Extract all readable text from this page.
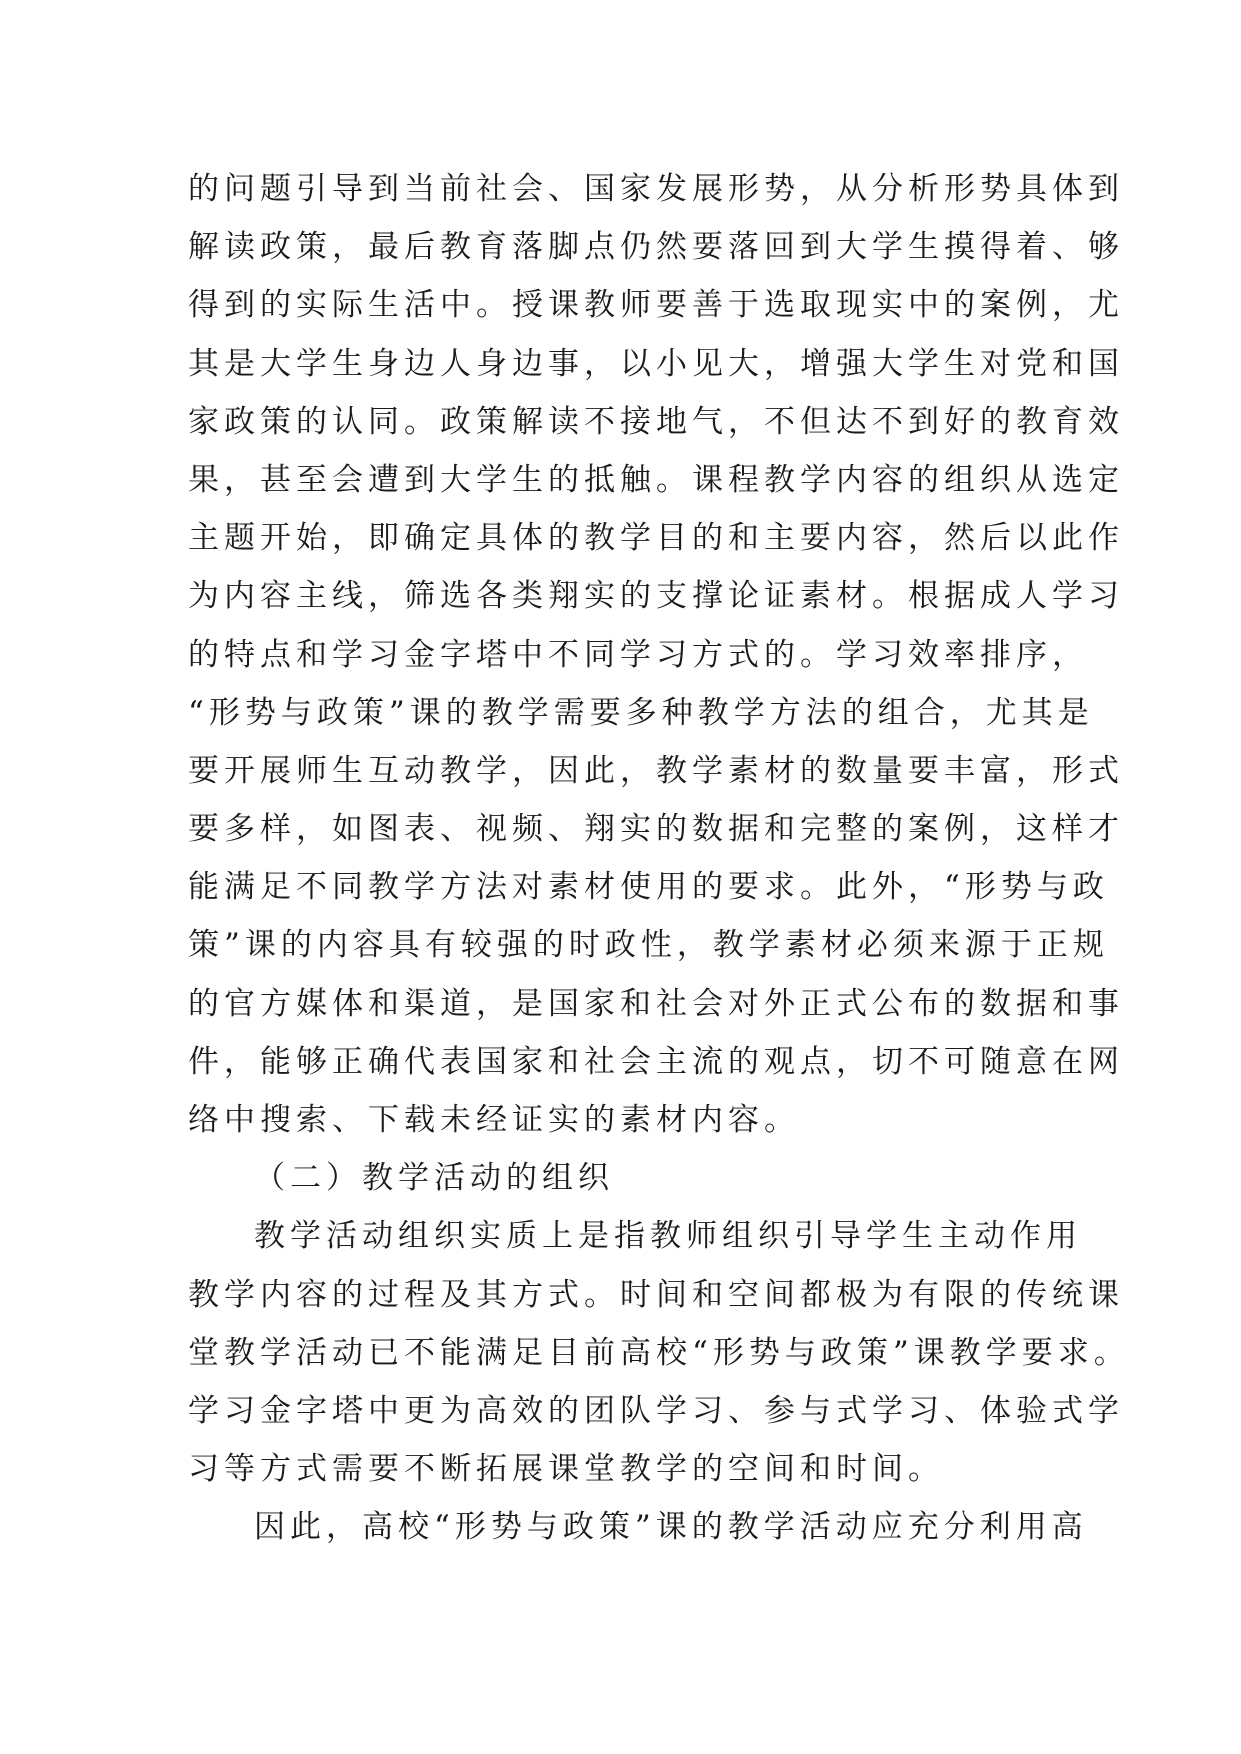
的问题引导到当前社会、国家发展形势，从分析形势具体到
解读政策，最后教育落脚点仍然要落回到大学生摸得着、够
得到的实际生活中。授课教师要善于选取现实中的案例，尤
其是大学生身边人身边事，以小见大，增强大学生对党和国
家政策的认同。政策解读不接地气，不但达不到好的教育效
果，甚至会遭到大学生的抵触。课程教学内容的组织从选定
主题开始，即确定具体的教学目的和主要内容，然后以此作
为内容主线，筛选各类翔实的支撑论证素材。根据成人学习
的特点和学习金字塔中不同学习方式的。学习效率排序，
“形势与政策”课的教学需要多种教学方法的组合，尤其是
要开展师生互动教学，因此，教学素材的数量要丰富，形式
要多样，如图表、视频、翔实的数据和完整的案例，这样才
能满足不同教学方法对素材使用的要求。此外，“形势与政
策”课的内容具有较强的时政性，教学素材必须来源于正规
的官方媒体和渠道，是国家和社会对外正式公布的数据和事
件，能够正确代表国家和社会主流的观点，切不可随意在网
络中搜索、下载未经证实的素材内容。
（二）教学活动的组织
教学活动组织实质上是指教师组织引导学生主动作用
教学内容的过程及其方式。时间和空间都极为有限的传统课
堂教学活动已不能满足目前高校“形势与政策”课教学要求。
学习金字塔中更为高效的团队学习、参与式学习、体验式学
习等方式需要不断拓展课堂教学的空间和时间。
因此，高校“形势与政策”课的教学活动应充分利用高
